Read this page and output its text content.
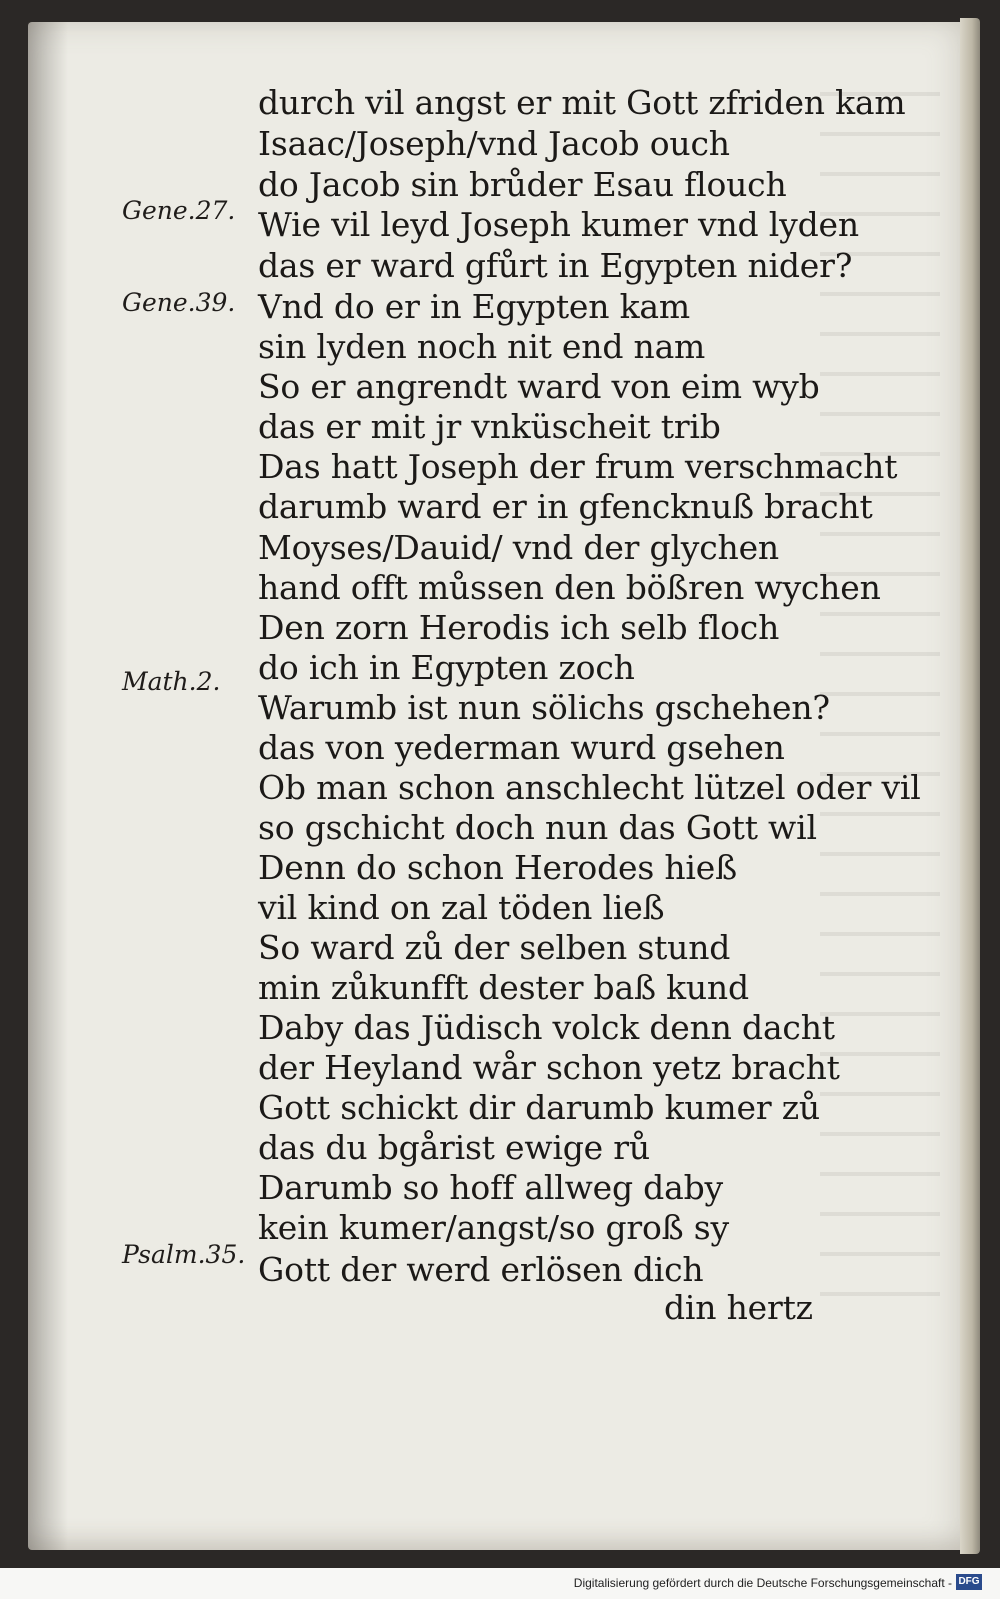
durch vil angst er mit Gott zfriden kam
Isaac/Joseph/vnd Jacob ouch
do Jacob sin brůder Esau flouch
Wie vil leyd Joseph kumer vnd lyden
das er ward gfůrt in Egypten nider?
Vnd do er in Egypten kam
sin lyden noch nit end nam
So er angrendt ward von eim wyb
das er mit jr vnküscheit trib
Das hatt Joseph der frum verschmacht
darumb ward er in gfencknuß bracht
Moyses/Dauid/ vnd der glychen
hand offt můssen den bößren wychen
Den zorn Herodis ich selb floch
do ich in Egypten zoch
Warumb ist nun sölichs gschehen?
das von yederman wurd gsehen
Ob man schon anschlecht lützel oder vil
so gschicht doch nun das Gott wil
Denn do schon Herodes hieß
vil kind on zal töden ließ
So ward zů der selben stund
min zůkunfft dester baß kund
Daby das Jüdisch volck denn dacht
der Heyland wår schon yetz bracht
Gott schickt dir darumb kumer zů
das du bgårist ewige rů
Darumb so hoff allweg daby
kein kumer/angst/so groß sy
Gott der werd erlösen dich
din hertz
Gene.27.
Gene.39.
Math.2.
Psalm.35.
Digitalisierung gefördert durch die Deutsche Forschungsgemeinschaft - DFG
